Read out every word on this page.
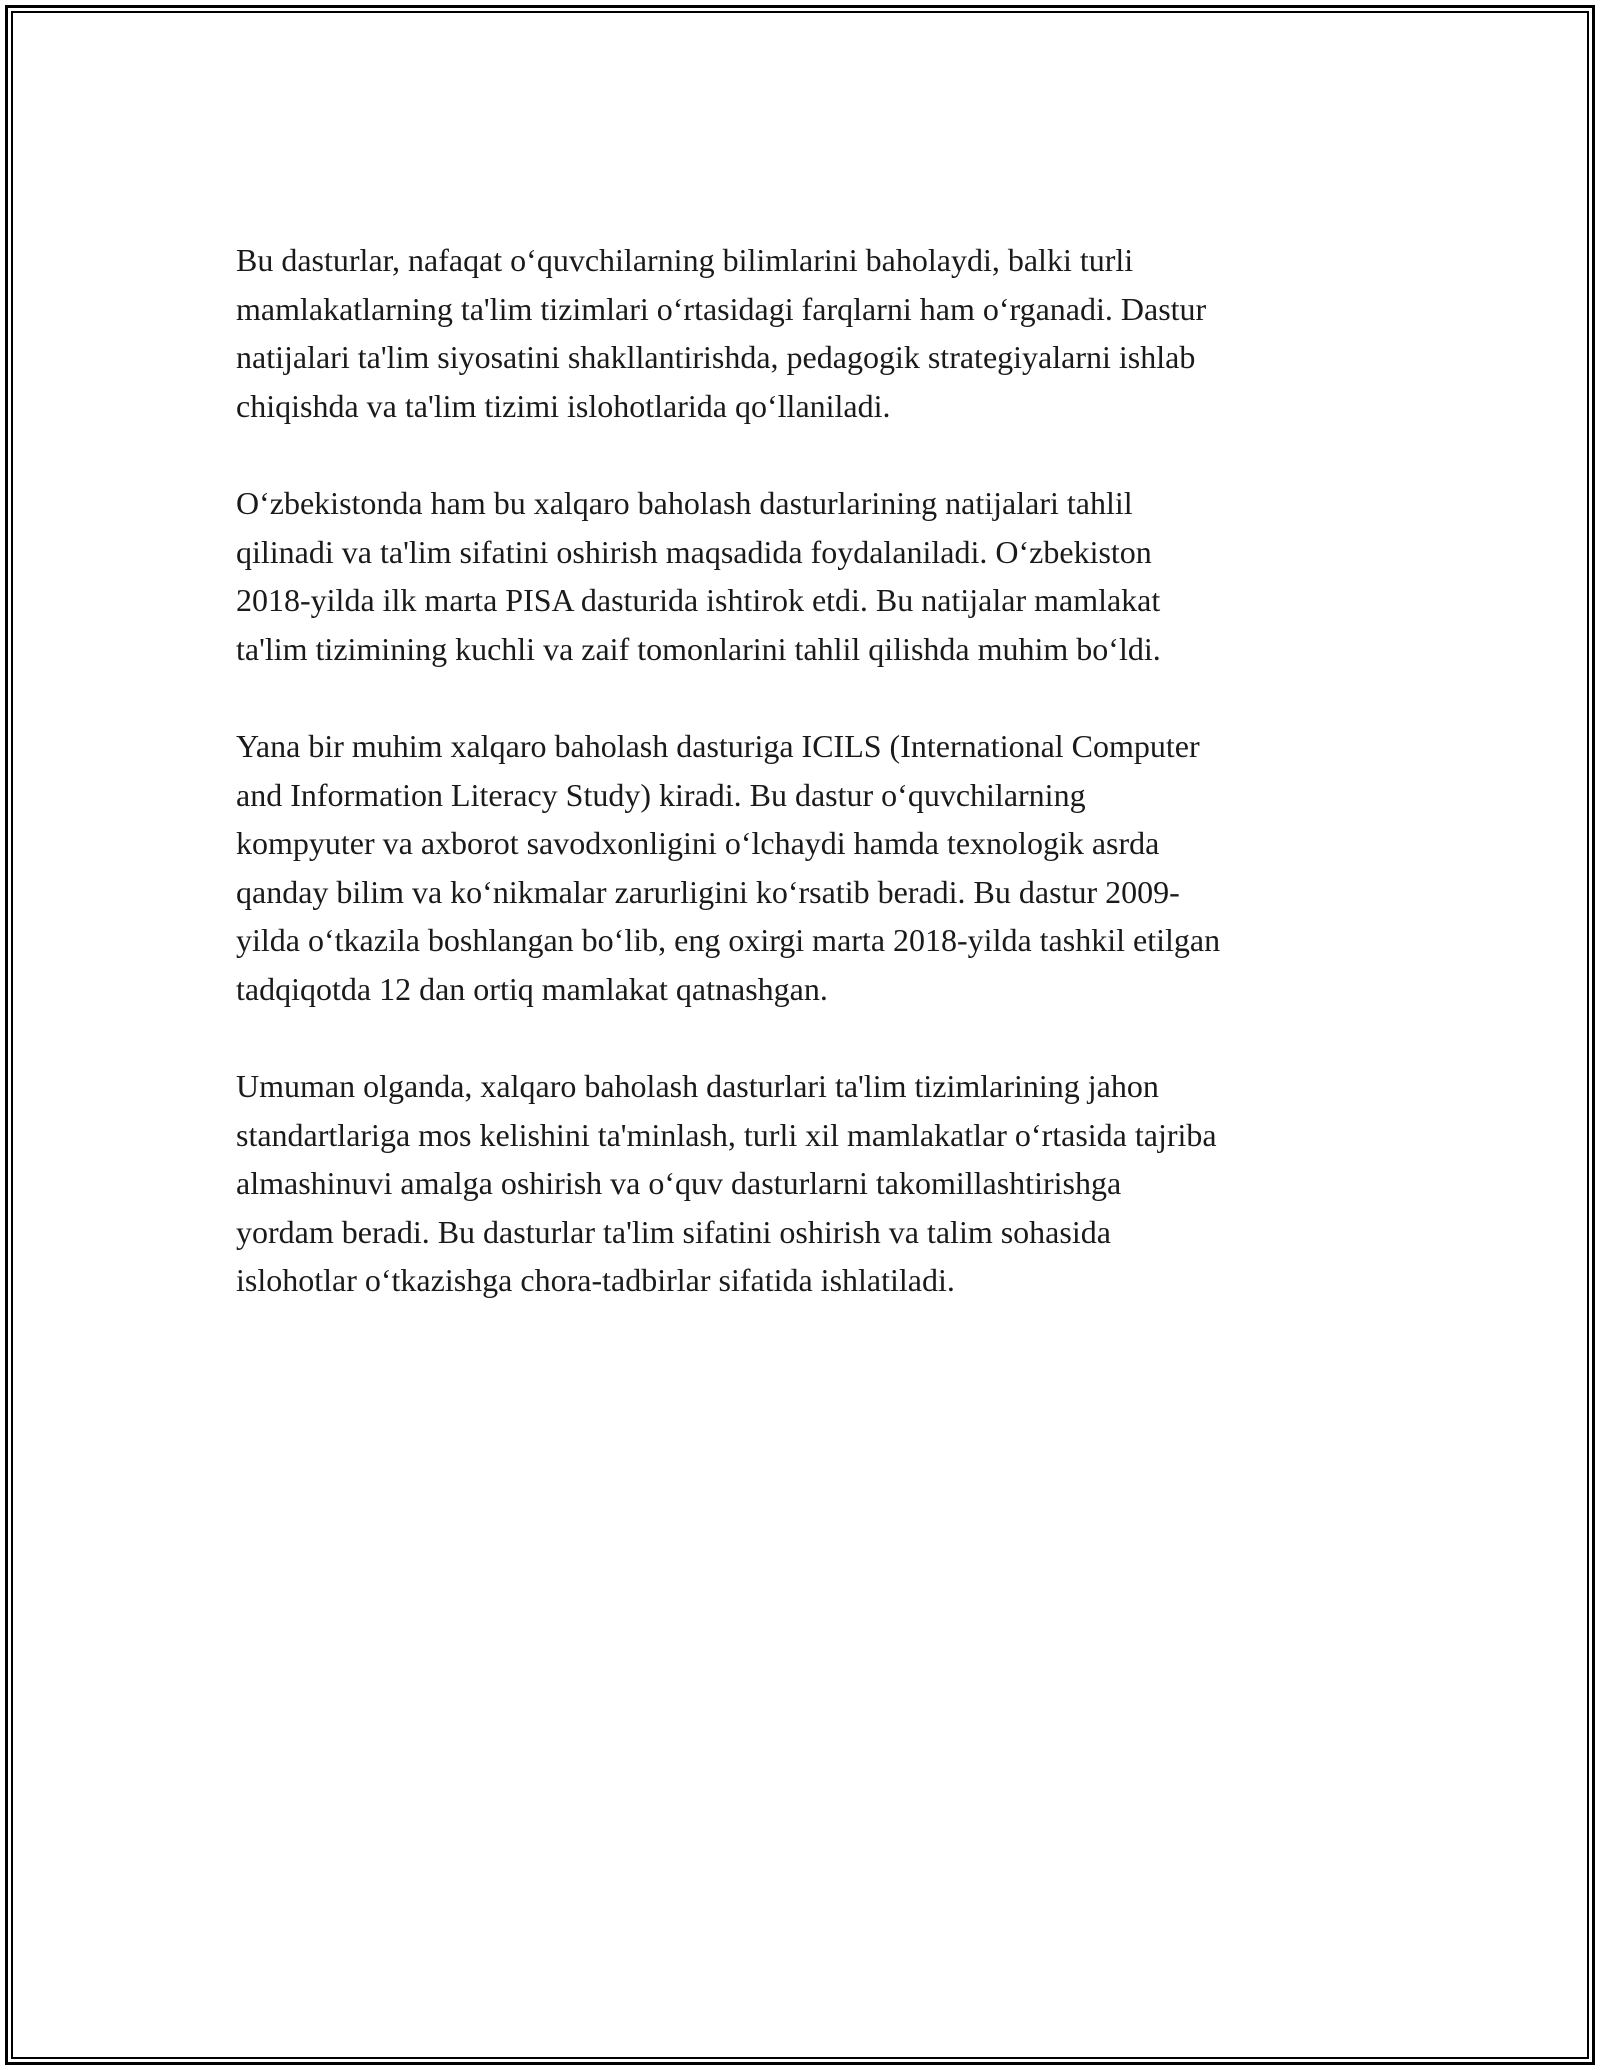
Bu dasturlar, nafaqat o‘quvchilarning bilimlarini baholaydi, balki turli
mamlakatlarning ta'lim tizimlari o‘rtasidagi farqlarni ham o‘rganadi. Dastur
natijalari ta'lim siyosatini shakllantirishda, pedagogik strategiyalarni ishlab
chiqishda va ta'lim tizimi islohotlarida qo‘llaniladi.

O‘zbekistonda ham bu xalqaro baholash dasturlarining natijalari tahlil
qilinadi va ta'lim sifatini oshirish maqsadida foydalaniladi. O‘zbekiston
2018-yilda ilk marta PISA dasturida ishtirok etdi. Bu natijalar mamlakat
ta'lim tizimining kuchli va zaif tomonlarini tahlil qilishda muhim bo‘ldi.

Yana bir muhim xalqaro baholash dasturiga ICILS (International Computer
and Information Literacy Study) kiradi. Bu dastur o‘quvchilarning
kompyuter va axborot savodxonligini o‘lchaydi hamda texnologik asrda
qanday bilim va ko‘nikmalar zarurligini ko‘rsatib beradi. Bu dastur 2009-
yilda o‘tkazila boshlangan bo‘lib, eng oxirgi marta 2018-yilda tashkil etilgan
tadqiqotda 12 dan ortiq mamlakat qatnashgan.

Umuman olganda, xalqaro baholash dasturlari ta'lim tizimlarining jahon
standartlariga mos kelishini ta'minlash, turli xil mamlakatlar o‘rtasida tajriba
almashinuvi amalga oshirish va o‘quv dasturlarni takomillashtirishga
yordam beradi. Bu dasturlar ta'lim sifatini oshirish va talim sohasida
islohotlar o‘tkazishga chora-tadbirlar sifatida ishlatiladi.
